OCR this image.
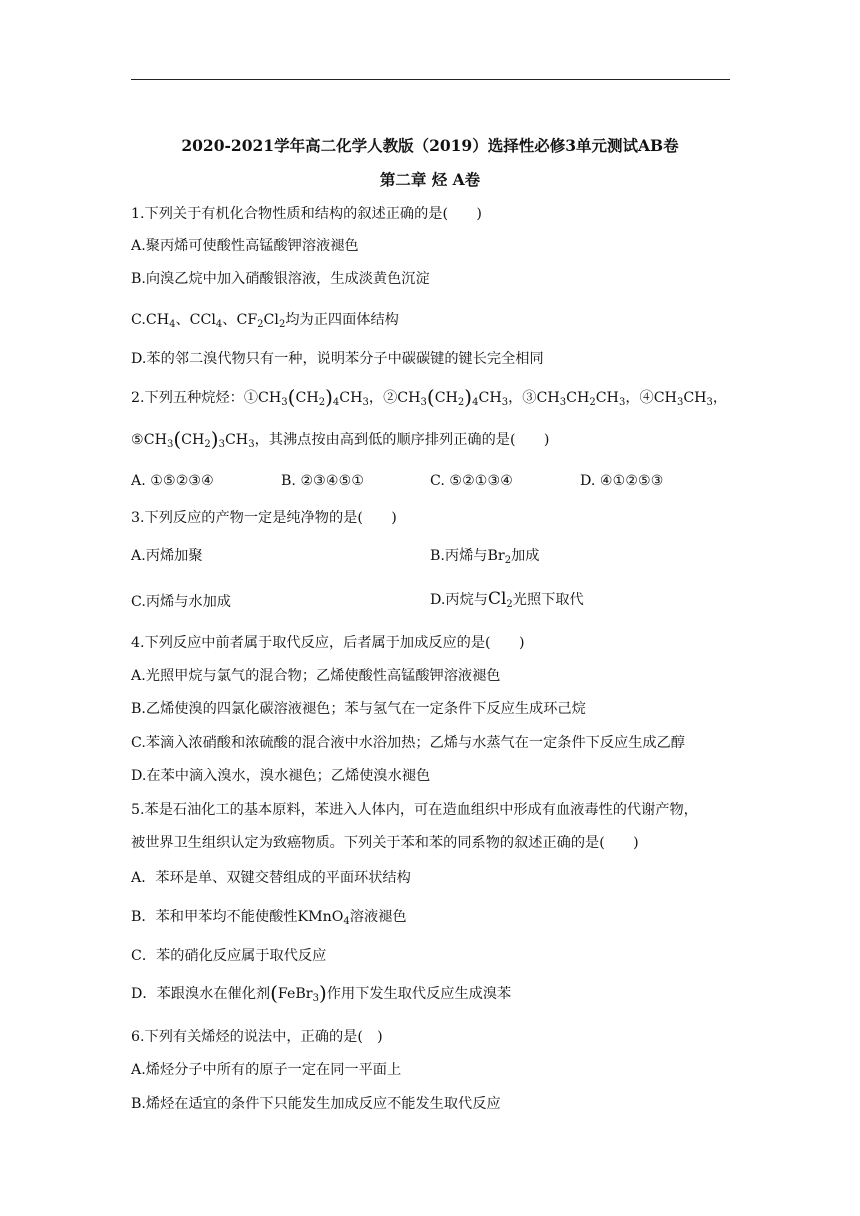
2020-2021学年高二化学人教版（2019）选择性必修3单元测试AB卷
第二章 烃 A卷
1.下列关于有机化合物性质和结构的叙述正确的是(　　)
A.聚丙烯可使酸性高锰酸钾溶液褪色
B.向溴乙烷中加入硝酸银溶液，生成淡黄色沉淀
$C.CH_4$、CCl$_4$、$CF_2Cl_2$均为正四面体结构
D.苯的邻二溴代物只有一种，说明苯分子中碳碳键的键长完全相同
2.下列五种烷烃：$①CH_3(CH_2)_4CH_3$，$②CH_3(CH_2)_4CH_3$，$③CH_3CH_2CH_3$，$④CH_3CH_3$，
$⑤CH_3(CH_2)_3CH_3$，其沸点按由高到低的顺序排列正确的是(　　)
A. ①⑤②③④	B. ②③④⑤①	C. ⑤②①③④	D. ④①②⑤③
3.下列反应的产物一定是纯净物的是(　　)
A.丙烯加聚	B.丙烯与$Br_2$加成
C.丙烯与水加成	D.丙烷与$Cl_2$光照下取代
4.下列反应中前者属于取代反应，后者属于加成反应的是(　　)
A.光照甲烷与氯气的混合物；乙烯使酸性高锰酸钾溶液褪色
B.乙烯使溴的四氯化碳溶液褪色；苯与氢气在一定条件下反应生成环己烷
C.苯滴入浓硝酸和浓硫酸的混合液中水浴加热；乙烯与水蒸气在一定条件下反应生成乙醇
D.在苯中滴入溴水，溴水褪色；乙烯使溴水褪色
5.苯是石油化工的基本原料，苯进入人体内，可在造血组织中形成有血液毒性的代谢产物，
被世界卫生组织认定为致癌物质。下列关于苯和苯的同系物的叙述正确的是(　　)
A．苯环是单、双键交替组成的平面环状结构
B．苯和甲苯均不能使酸性KMnO$_4$溶液褪色
C．苯的硝化反应属于取代反应
D．苯跟溴水在催化剂(FeBr$_3$)作用下发生取代反应生成溴苯
6.下列有关烯烃的说法中，正确的是(　)
A.烯烃分子中所有的原子一定在同一平面上
B.烯烃在适宜的条件下只能发生加成反应不能发生取代反应
